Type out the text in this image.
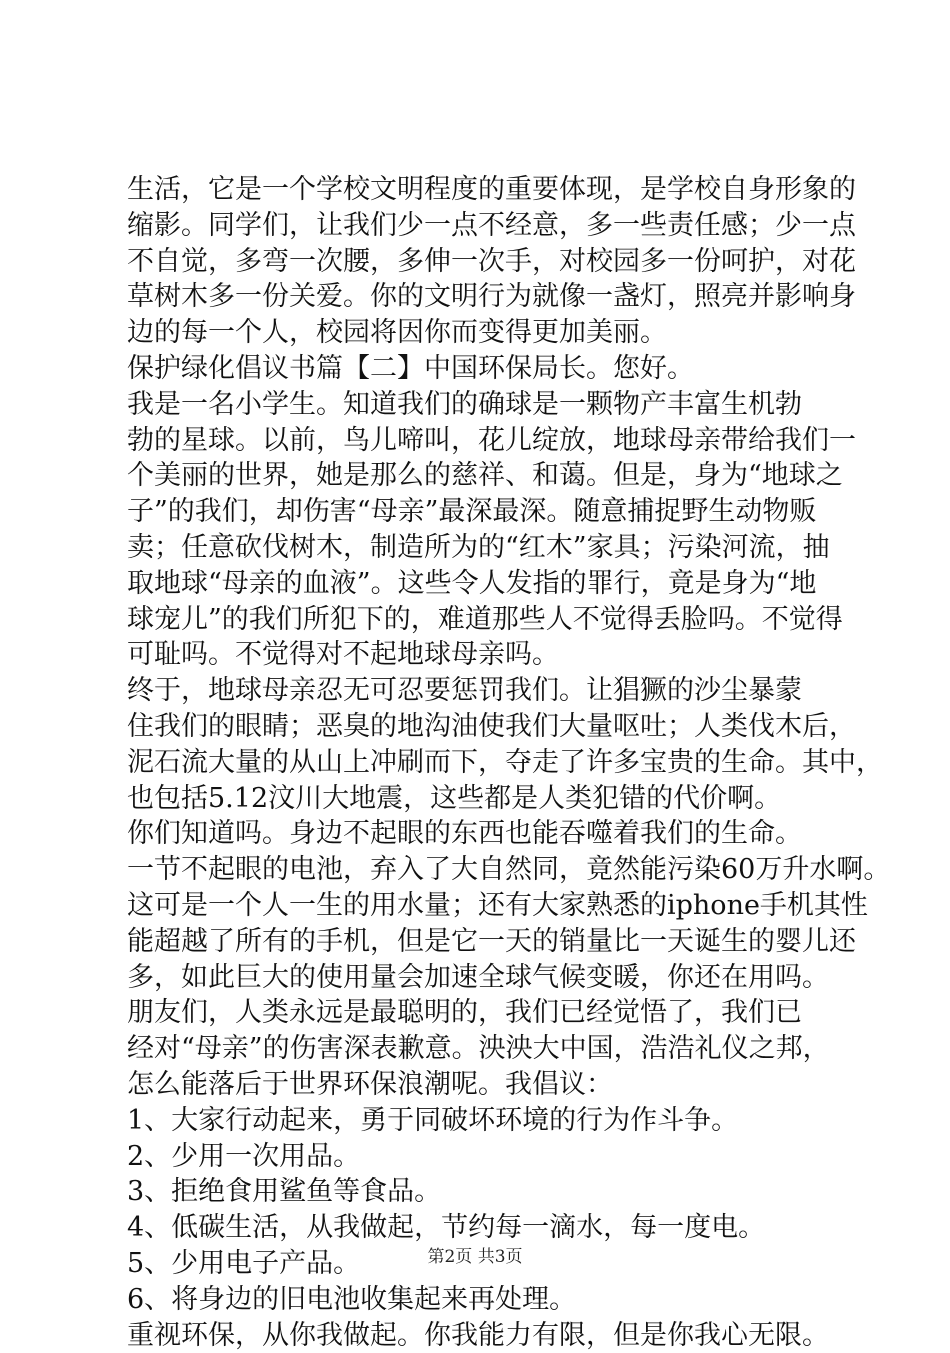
生活，它是一个学校文明程度的重要体现，是学校自身形象的

缩影。同学们，让我们少一点不经意，多一些责任感；少一点

不自觉，多弯一次腰，多伸一次手，对校园多一份呵护，对花

草树木多一份关爱。你的文明行为就像一盏灯，照亮并影响身

边的每一个人，校园将因你而变得更加美丽。

保护绿化倡议书篇【二】中国环保局长。您好。

我是一名小学生。知道我们的确球是一颗物产丰富生机勃

勃的星球。以前，鸟儿啼叫，花儿绽放，地球母亲带给我们一

个美丽的世界，她是那么的慈祥、和蔼。但是，身为“地球之

子”的我们，却伤害“母亲”最深最深。随意捕捉野生动物贩

卖；任意砍伐树木，制造所为的“红木”家具；污染河流，抽

取地球“母亲的血液”。这些令人发指的罪行，竟是身为“地

球宠儿”的我们所犯下的，难道那些人不觉得丢脸吗。不觉得

可耻吗。不觉得对不起地球母亲吗。

终于，地球母亲忍无可忍要惩罚我们。让猖獗的沙尘暴蒙

住我们的眼睛；恶臭的地沟油使我们大量呕吐；人类伐木后，

泥石流大量的从山上冲刷而下，夺走了许多宝贵的生命。其中，

也包括5.12汶川大地震，这些都是人类犯错的代价啊。

你们知道吗。身边不起眼的东西也能吞噬着我们的生命。

一节不起眼的电池，弃入了大自然同，竟然能污染60万升水啊。

这可是一个人一生的用水量；还有大家熟悉的iphone手机其性

能超越了所有的手机，但是它一天的销量比一天诞生的婴儿还

多，如此巨大的使用量会加速全球气候变暖，你还在用吗。

朋友们，人类永远是最聪明的，我们已经觉悟了，我们已

经对“母亲”的伤害深表歉意。泱泱大中国，浩浩礼仪之邦，

怎么能落后于世界环保浪潮呢。我倡议：

1、大家行动起来，勇于同破坏环境的行为作斗争。

2、少用一次用品。

3、拒绝食用鲨鱼等食品。

4、低碳生活，从我做起，节约每一滴水，每一度电。

5、少用电子产品。

6、将身边的旧电池收集起来再处理。

重视环保，从你我做起。你我能力有限，但是你我心无限。

第2页 共3页
